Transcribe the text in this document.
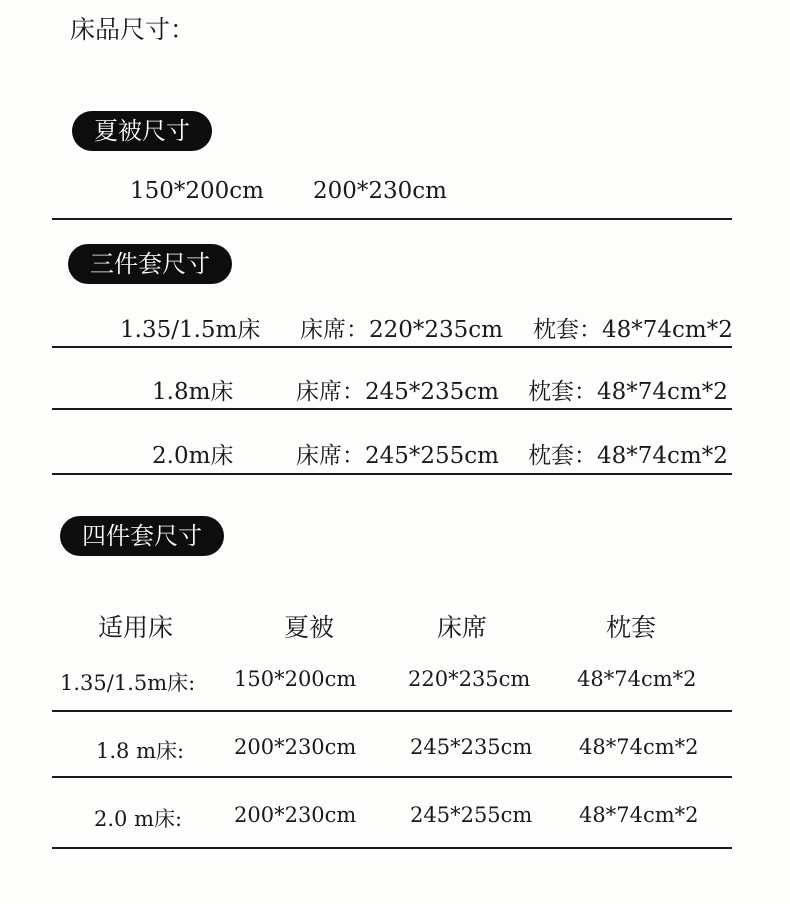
床品尺寸：
夏被尺寸
150*200cm 200*230cm
三件套尺寸
1.35/1.5m床 床席：220*235cm 枕套：48*74cm*2
1.8m床	床席：245*235cm 枕套：48*74cm*2
2.0m床	床席：245*255cm 枕套：48*74cm*2
四件套尺寸
适用床	夏被	床席	枕套
1.35/1.5m床: 150*200cm 220*235cm 48*74cm*2
1.8 m床: 200*230cm	245*235cm 48*74cm*2
2.0 m床: 200*230cm	245*255cm 48*74cm*2
